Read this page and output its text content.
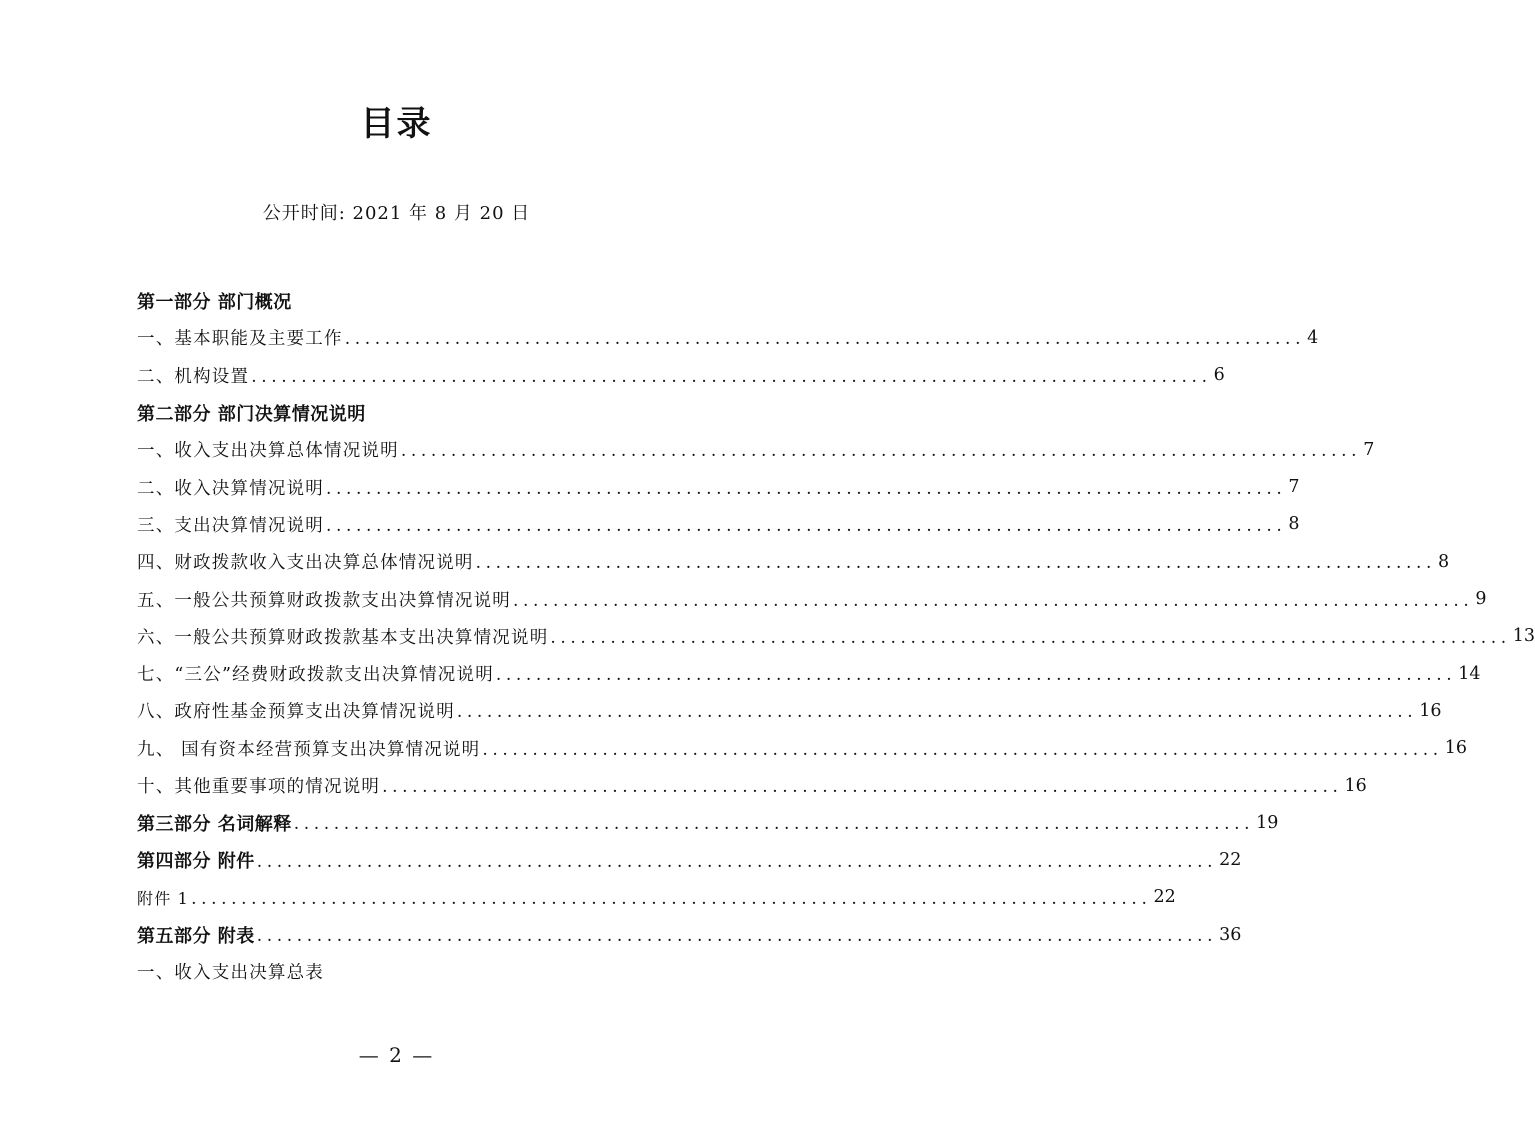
目录
公开时间: 2021 年 8 月 20 日
第一部分 部门概况
一、基本职能及主要工作 ................................................................................................ 4
二、机构设置 ................................................................................................ 6
第二部分 部门决算情况说明
一、收入支出决算总体情况说明 ................................................................................................ 7
二、收入决算情况说明 ................................................................................................ 7
三、支出决算情况说明 ................................................................................................ 8
四、财政拨款收入支出决算总体情况说明 ................................................................................................ 8
五、一般公共预算财政拨款支出决算情况说明 ................................................................................................ 9
六、一般公共预算财政拨款基本支出决算情况说明 ................................................................................................ 13
七、“三公”经费财政拨款支出决算情况说明 ................................................................................................ 14
八、政府性基金预算支出决算情况说明 ................................................................................................ 16
九、 国有资本经营预算支出决算情况说明 ................................................................................................ 16
十、其他重要事项的情况说明 ................................................................................................ 16
第三部分 名词解释 ................................................................................................ 19
第四部分 附件 ................................................................................................ 22
附件 1 ................................................................................................ 22
第五部分 附表 ................................................................................................ 36
一、收入支出决算总表
— 2 —
